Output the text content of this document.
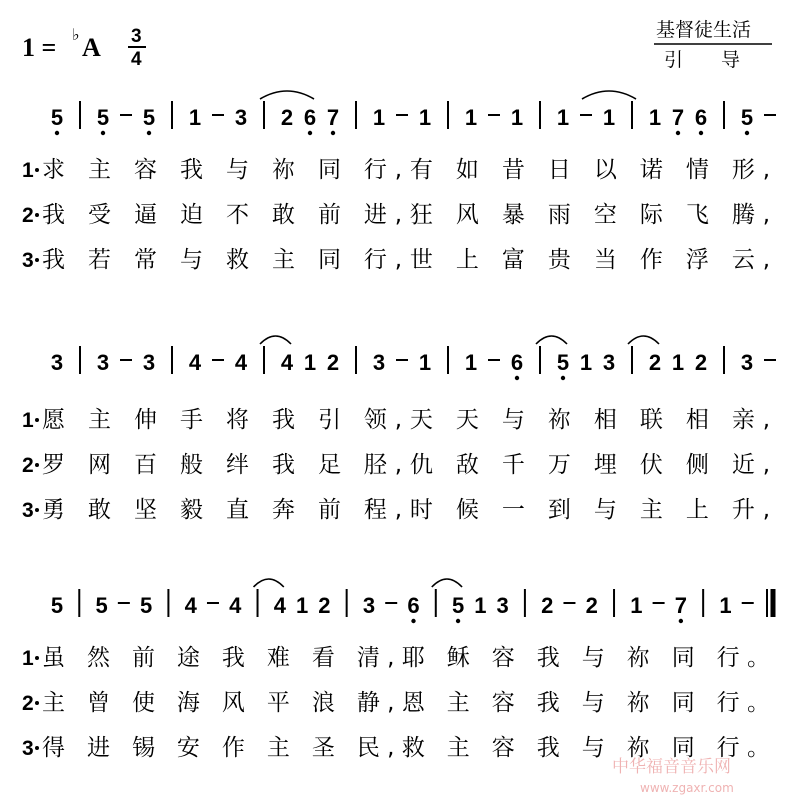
1 = ♭ A 3
4
基督徒生活
引　　导
5 5 5 1 3 2 6 7 1 1 1 1 1 1 1 7 6 5
1 求 主 容 我 与 祢 同 行,有 如 昔 日 以 诺 情 形,
2 我 受 逼 迫 不 敢 前 进,狂 风 暴 雨 空 际 飞 腾,
3 我 若 常 与 救 主 同 行,世 上 富 贵 当 作 浮 云,
3 3 3 4 4 4 1 2 3 1 1 6 5 1 3 2 1 2 3
1 愿 主 伸 手 将 我 引 领,天 天 与 祢 相 联 相 亲,
2 罗 网 百 般 绊 我 足 胫,仇 敌 千 万 埋 伏 侧 近,
3 勇 敢 坚 毅 直 奔 前 程,时 候 一 到 与 主 上 升,
5 5 5 4 4 4 1 2 3 6 5 1 3 2 2 1 7 1
1 虽 然 前 途 我 难 看 清,耶 稣 容 我 与 祢 同 行。
2 主 曾 使 海 风 平 浪 静,恩 主 容 我 与 祢 同 行。
3 得 进 锡 安 作 主 圣 民,救 主 容 我 与 祢 同 行。
中华福音音乐网
www.zgaxr.com
